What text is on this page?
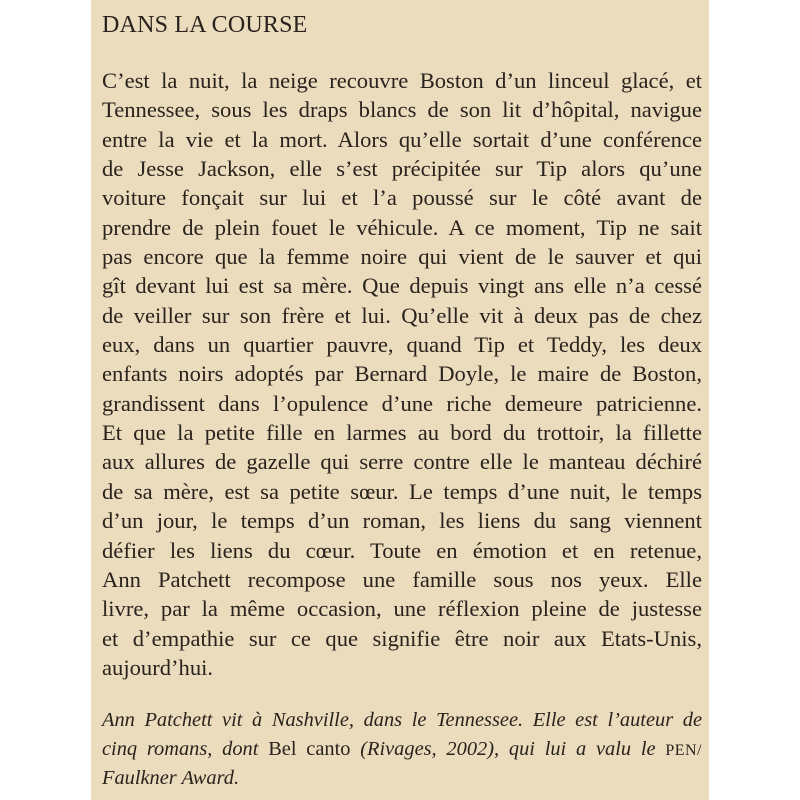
DANS LA COURSE
C’est la nuit, la neige recouvre Boston d’un linceul glacé, et
Tennessee, sous les draps blancs de son lit d’hôpital, navigue
entre la vie et la mort. Alors qu’elle sortait d’une conférence
de Jesse Jackson, elle s’est précipitée sur Tip alors qu’une
voiture fonçait sur lui et l’a poussé sur le côté avant de
prendre de plein fouet le véhicule. A ce moment, Tip ne sait
pas encore que la femme noire qui vient de le sauver et qui
gît devant lui est sa mère. Que depuis vingt ans elle n’a cessé
de veiller sur son frère et lui. Qu’elle vit à deux pas de chez
eux, dans un quartier pauvre, quand Tip et Teddy, les deux
enfants noirs adoptés par Bernard Doyle, le maire de Boston,
grandissent dans l’opulence d’une riche demeure patricienne.
Et que la petite fille en larmes au bord du trottoir, la fillette
aux allures de gazelle qui serre contre elle le manteau déchiré
de sa mère, est sa petite sœur. Le temps d’une nuit, le temps
d’un jour, le temps d’un roman, les liens du sang viennent
défier les liens du cœur. Toute en émotion et en retenue,
Ann Patchett recompose une famille sous nos yeux. Elle
livre, par la même occasion, une réflexion pleine de justesse
et d’empathie sur ce que signifie être noir aux Etats-Unis,
aujourd’hui.
Ann Patchett vit à Nashville, dans le Tennessee. Elle est l’auteur de
cinq romans, dont Bel canto (Rivages, 2002), qui lui a valu le PEN/
Faulkner Award.
